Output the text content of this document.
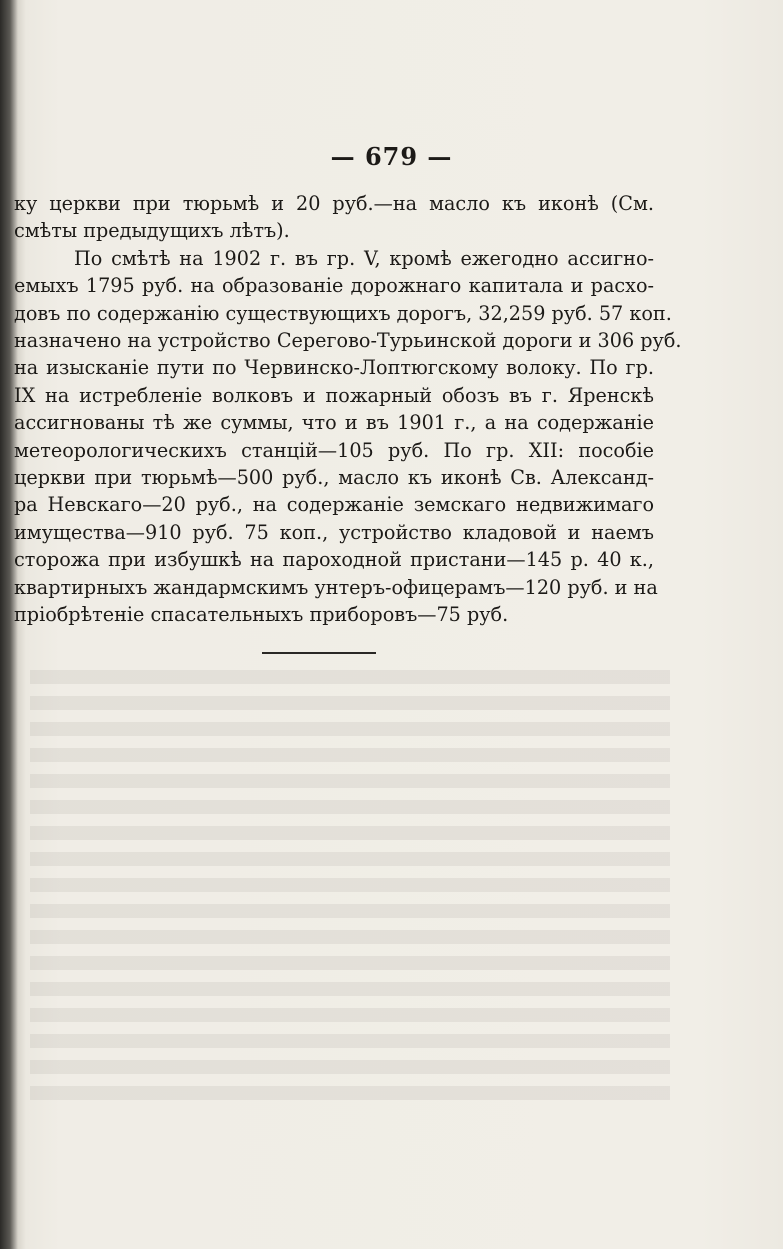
— 679 —
ку церкви при тюрьмѣ и 20 руб.—на масло къ иконѣ (См.
смѣты предыдущихъ лѣтъ).
По смѣтѣ на 1902 г. въ гр. V, кромѣ ежегодно ассигно-
емыхъ 1795 руб. на образованіе дорожнаго капитала и расхо-
довъ по содержанію существующихъ дорогъ, 32,259 руб. 57 коп.
назначено на устройство Серегово-Турьинской дороги и 306 руб.
на изысканіе пути по Червинско-Лоптюгскому волоку. По гр.
IX на истребленіе волковъ и пожарный обозъ въ г. Яренскѣ
ассигнованы тѣ же суммы, что и въ 1901 г., а на содержаніе
метеорологическихъ станцій—105 руб. По гр. XII: пособіе
церкви при тюрьмѣ—500 руб., масло къ иконѣ Св. Александ-
ра Невскаго—20 руб., на содержаніе земскаго недвижимаго
имущества—910 руб. 75 коп., устройство кладовой и наемъ
сторожа при избушкѣ на пароходной пристани—145 р. 40 к.,
квартирныхъ жандармскимъ унтеръ-офицерамъ—120 руб. и на
пріобрѣтеніе спасательныхъ приборовъ—75 руб.
